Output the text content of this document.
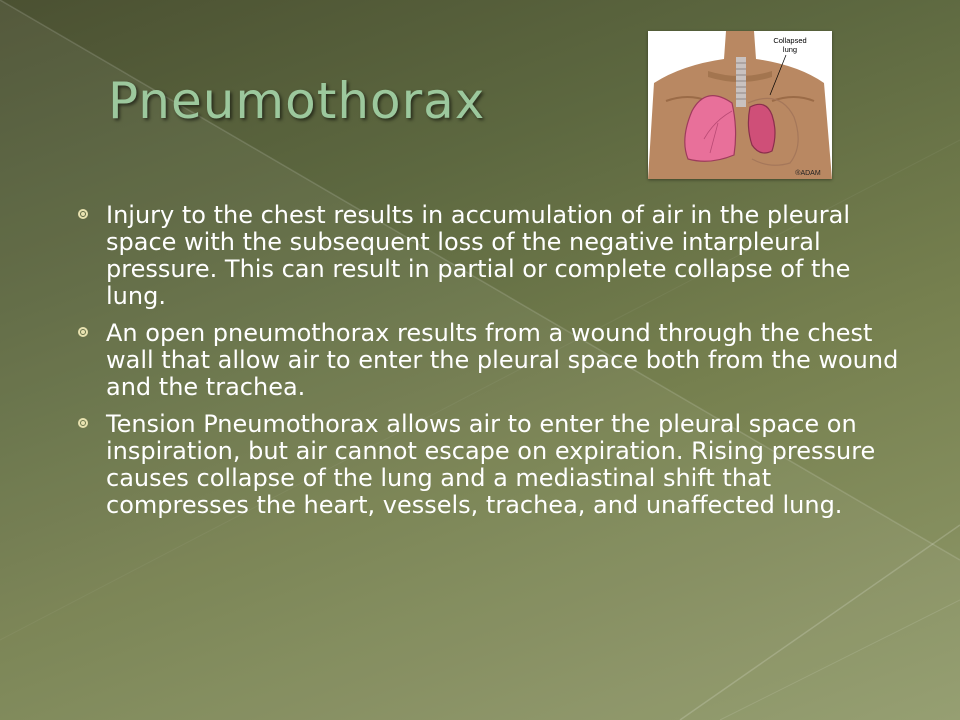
Pneumothorax
Collapsed
lung
®ADAM
Injury to the chest results in accumulation of air in the pleural space with the subsequent loss of the negative intarpleural pressure. This can result in partial or complete collapse of the lung.
An open pneumothorax results from a wound through the chest wall that allow air to enter the pleural space both from the wound and the trachea.
Tension Pneumothorax allows air to enter the pleural space on inspiration, but air cannot escape on expiration. Rising pressure causes collapse of the lung and a mediastinal shift that compresses the heart, vessels, trachea, and unaffected lung.
